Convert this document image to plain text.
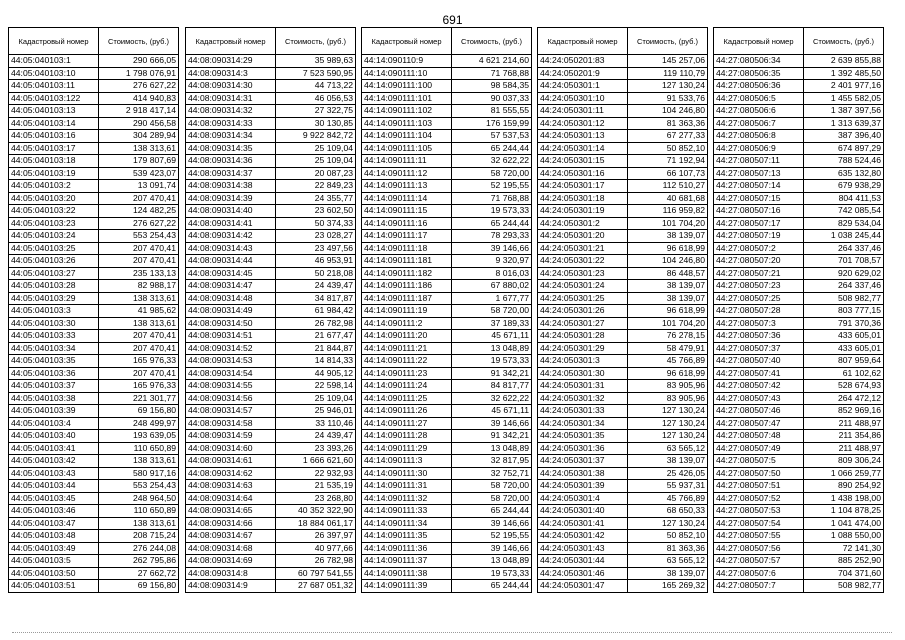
691
Кадастровый номер	Стоимость, (руб.)
44:05:040103:1	290 666,05
44:05:040103:10	1 798 076,91
44:05:040103:11	276 627,22
44:05:040103:122	414 940,83
44:05:040103:13	2 918 417,14
44:05:040103:14	290 456,58
44:05:040103:16	304 289,94
44:05:040103:17	138 313,61
44:05:040103:18	179 807,69
44:05:040103:19	539 423,07
44:05:040103:2	13 091,74
44:05:040103:20	207 470,41
44:05:040103:22	124 482,25
44:05:040103:23	276 627,22
44:05:040103:24	553 254,43
44:05:040103:25	207 470,41
44:05:040103:26	207 470,41
44:05:040103:27	235 133,13
44:05:040103:28	82 988,17
44:05:040103:29	138 313,61
44:05:040103:3	41 985,62
44:05:040103:30	138 313,61
44:05:040103:33	207 470,41
44:05:040103:34	207 470,41
44:05:040103:35	165 976,33
44:05:040103:36	207 470,41
44:05:040103:37	165 976,33
44:05:040103:38	221 301,77
44:05:040103:39	69 156,80
44:05:040103:4	248 499,97
44:05:040103:40	193 639,05
44:05:040103:41	110 650,89
44:05:040103:42	138 313,61
44:05:040103:43	580 917,16
44:05:040103:44	553 254,43
44:05:040103:45	248 964,50
44:05:040103:46	110 650,89
44:05:040103:47	138 313,61
44:05:040103:48	208 715,24
44:05:040103:49	276 244,08
44:05:040103:5	262 795,86
44:05:040103:50	27 662,72
44:05:040103:51	69 156,80
Кадастровый номер	Стоимость, (руб.)
44:08:090314:29	35 989,63
44:08:090314:3	7 523 590,95
44:08:090314:30	44 713,22
44:08:090314:31	46 056,53
44:08:090314:32	27 322,75
44:08:090314:33	30 130,85
44:08:090314:34	9 922 842,72
44:08:090314:35	25 109,04
44:08:090314:36	25 109,04
44:08:090314:37	20 087,23
44:08:090314:38	22 849,23
44:08:090314:39	24 355,77
44:08:090314:40	23 602,50
44:08:090314:41	50 374,33
44:08:090314:42	23 028,27
44:08:090314:43	23 497,56
44:08:090314:44	46 953,91
44:08:090314:45	50 218,08
44:08:090314:47	24 439,47
44:08:090314:48	34 817,87
44:08:090314:49	61 984,42
44:08:090314:50	26 782,98
44:08:090314:51	21 677,47
44:08:090314:52	21 844,87
44:08:090314:53	14 814,33
44:08:090314:54	44 905,12
44:08:090314:55	22 598,14
44:08:090314:56	25 109,04
44:08:090314:57	25 946,01
44:08:090314:58	33 110,46
44:08:090314:59	24 439,47
44:08:090314:60	23 393,26
44:08:090314:61	1 666 621,60
44:08:090314:62	22 932,93
44:08:090314:63	21 535,19
44:08:090314:64	23 268,80
44:08:090314:65	40 352 322,90
44:08:090314:66	18 884 061,17
44:08:090314:67	26 397,97
44:08:090314:68	40 977,66
44:08:090314:69	26 782,98
44:08:090314:8	60 797 541,55
44:08:090314:9	27 687 051,32
Кадастровый номер	Стоимость, (руб.)
44:14:090110:9	4 621 214,60
44:14:090111:10	71 768,88
44:14:090111:100	98 584,35
44:14:090111:101	90 037,33
44:14:090111:102	81 555,55
44:14:090111:103	176 159,99
44:14:090111:104	57 537,53
44:14:090111:105	65 244,44
44:14:090111:11	32 622,22
44:14:090111:12	58 720,00
44:14:090111:13	52 195,55
44:14:090111:14	71 768,88
44:14:090111:15	19 573,33
44:14:090111:16	65 244,44
44:14:090111:17	78 293,33
44:14:090111:18	39 146,66
44:14:090111:181	9 320,97
44:14:090111:182	8 016,03
44:14:090111:186	67 880,02
44:14:090111:187	1 677,77
44:14:090111:19	58 720,00
44:14:090111:2	37 189,33
44:14:090111:20	45 671,11
44:14:090111:21	13 048,89
44:14:090111:22	19 573,33
44:14:090111:23	91 342,21
44:14:090111:24	84 817,77
44:14:090111:25	32 622,22
44:14:090111:26	45 671,11
44:14:090111:27	39 146,66
44:14:090111:28	91 342,21
44:14:090111:29	13 048,89
44:14:090111:3	32 817,95
44:14:090111:30	32 752,71
44:14:090111:31	58 720,00
44:14:090111:32	58 720,00
44:14:090111:33	65 244,44
44:14:090111:34	39 146,66
44:14:090111:35	52 195,55
44:14:090111:36	39 146,66
44:14:090111:37	13 048,89
44:14:090111:38	19 573,33
44:14:090111:39	65 244,44
Кадастровый номер	Стоимость, (руб.)
44:24:050201:83	145 257,06
44:24:050201:9	119 110,79
44:24:050301:1	127 130,24
44:24:050301:10	91 533,76
44:24:050301:11	104 246,80
44:24:050301:12	81 363,36
44:24:050301:13	67 277,33
44:24:050301:14	50 852,10
44:24:050301:15	71 192,94
44:24:050301:16	66 107,73
44:24:050301:17	112 510,27
44:24:050301:18	40 681,68
44:24:050301:19	116 959,82
44:24:050301:2	101 704,20
44:24:050301:20	38 139,07
44:24:050301:21	96 618,99
44:24:050301:22	104 246,80
44:24:050301:23	86 448,57
44:24:050301:24	38 139,07
44:24:050301:25	38 139,07
44:24:050301:26	96 618,99
44:24:050301:27	101 704,20
44:24:050301:28	76 278,15
44:24:050301:29	58 479,91
44:24:050301:3	45 766,89
44:24:050301:30	96 618,99
44:24:050301:31	83 905,96
44:24:050301:32	83 905,96
44:24:050301:33	127 130,24
44:24:050301:34	127 130,24
44:24:050301:35	127 130,24
44:24:050301:36	63 565,12
44:24:050301:37	38 139,07
44:24:050301:38	25 426,05
44:24:050301:39	55 937,31
44:24:050301:4	45 766,89
44:24:050301:40	68 650,33
44:24:050301:41	127 130,24
44:24:050301:42	50 852,10
44:24:050301:43	81 363,36
44:24:050301:44	63 565,12
44:24:050301:46	38 139,07
44:24:050301:47	165 269,32
Кадастровый номер	Стоимость, (руб.)
44:27:080506:34	2 639 855,88
44:27:080506:35	1 392 485,50
44:27:080506:36	2 401 977,16
44:27:080506:5	1 455 582,05
44:27:080506:6	1 387 397,56
44:27:080506:7	1 313 639,37
44:27:080506:8	387 396,40
44:27:080506:9	674 897,29
44:27:080507:11	788 524,46
44:27:080507:13	635 132,80
44:27:080507:14	679 938,29
44:27:080507:15	804 411,53
44:27:080507:16	742 085,54
44:27:080507:17	829 534,04
44:27:080507:19	1 038 245,44
44:27:080507:2	264 337,46
44:27:080507:20	701 708,57
44:27:080507:21	920 629,02
44:27:080507:23	264 337,46
44:27:080507:25	508 982,77
44:27:080507:28	803 777,15
44:27:080507:3	791 370,36
44:27:080507:36	433 605,01
44:27:080507:37	433 605,01
44:27:080507:40	807 959,64
44:27:080507:41	61 102,62
44:27:080507:42	528 674,93
44:27:080507:43	264 472,12
44:27:080507:46	852 969,16
44:27:080507:47	211 488,97
44:27:080507:48	211 354,86
44:27:080507:49	211 488,97
44:27:080507:5	809 306,24
44:27:080507:50	1 066 259,77
44:27:080507:51	890 254,92
44:27:080507:52	1 438 198,00
44:27:080507:53	1 104 878,25
44:27:080507:54	1 041 474,00
44:27:080507:55	1 088 550,00
44:27:080507:56	72 141,30
44:27:080507:57	885 252,90
44:27:080507:6	704 371,60
44:27:080507:7	508 982,77
